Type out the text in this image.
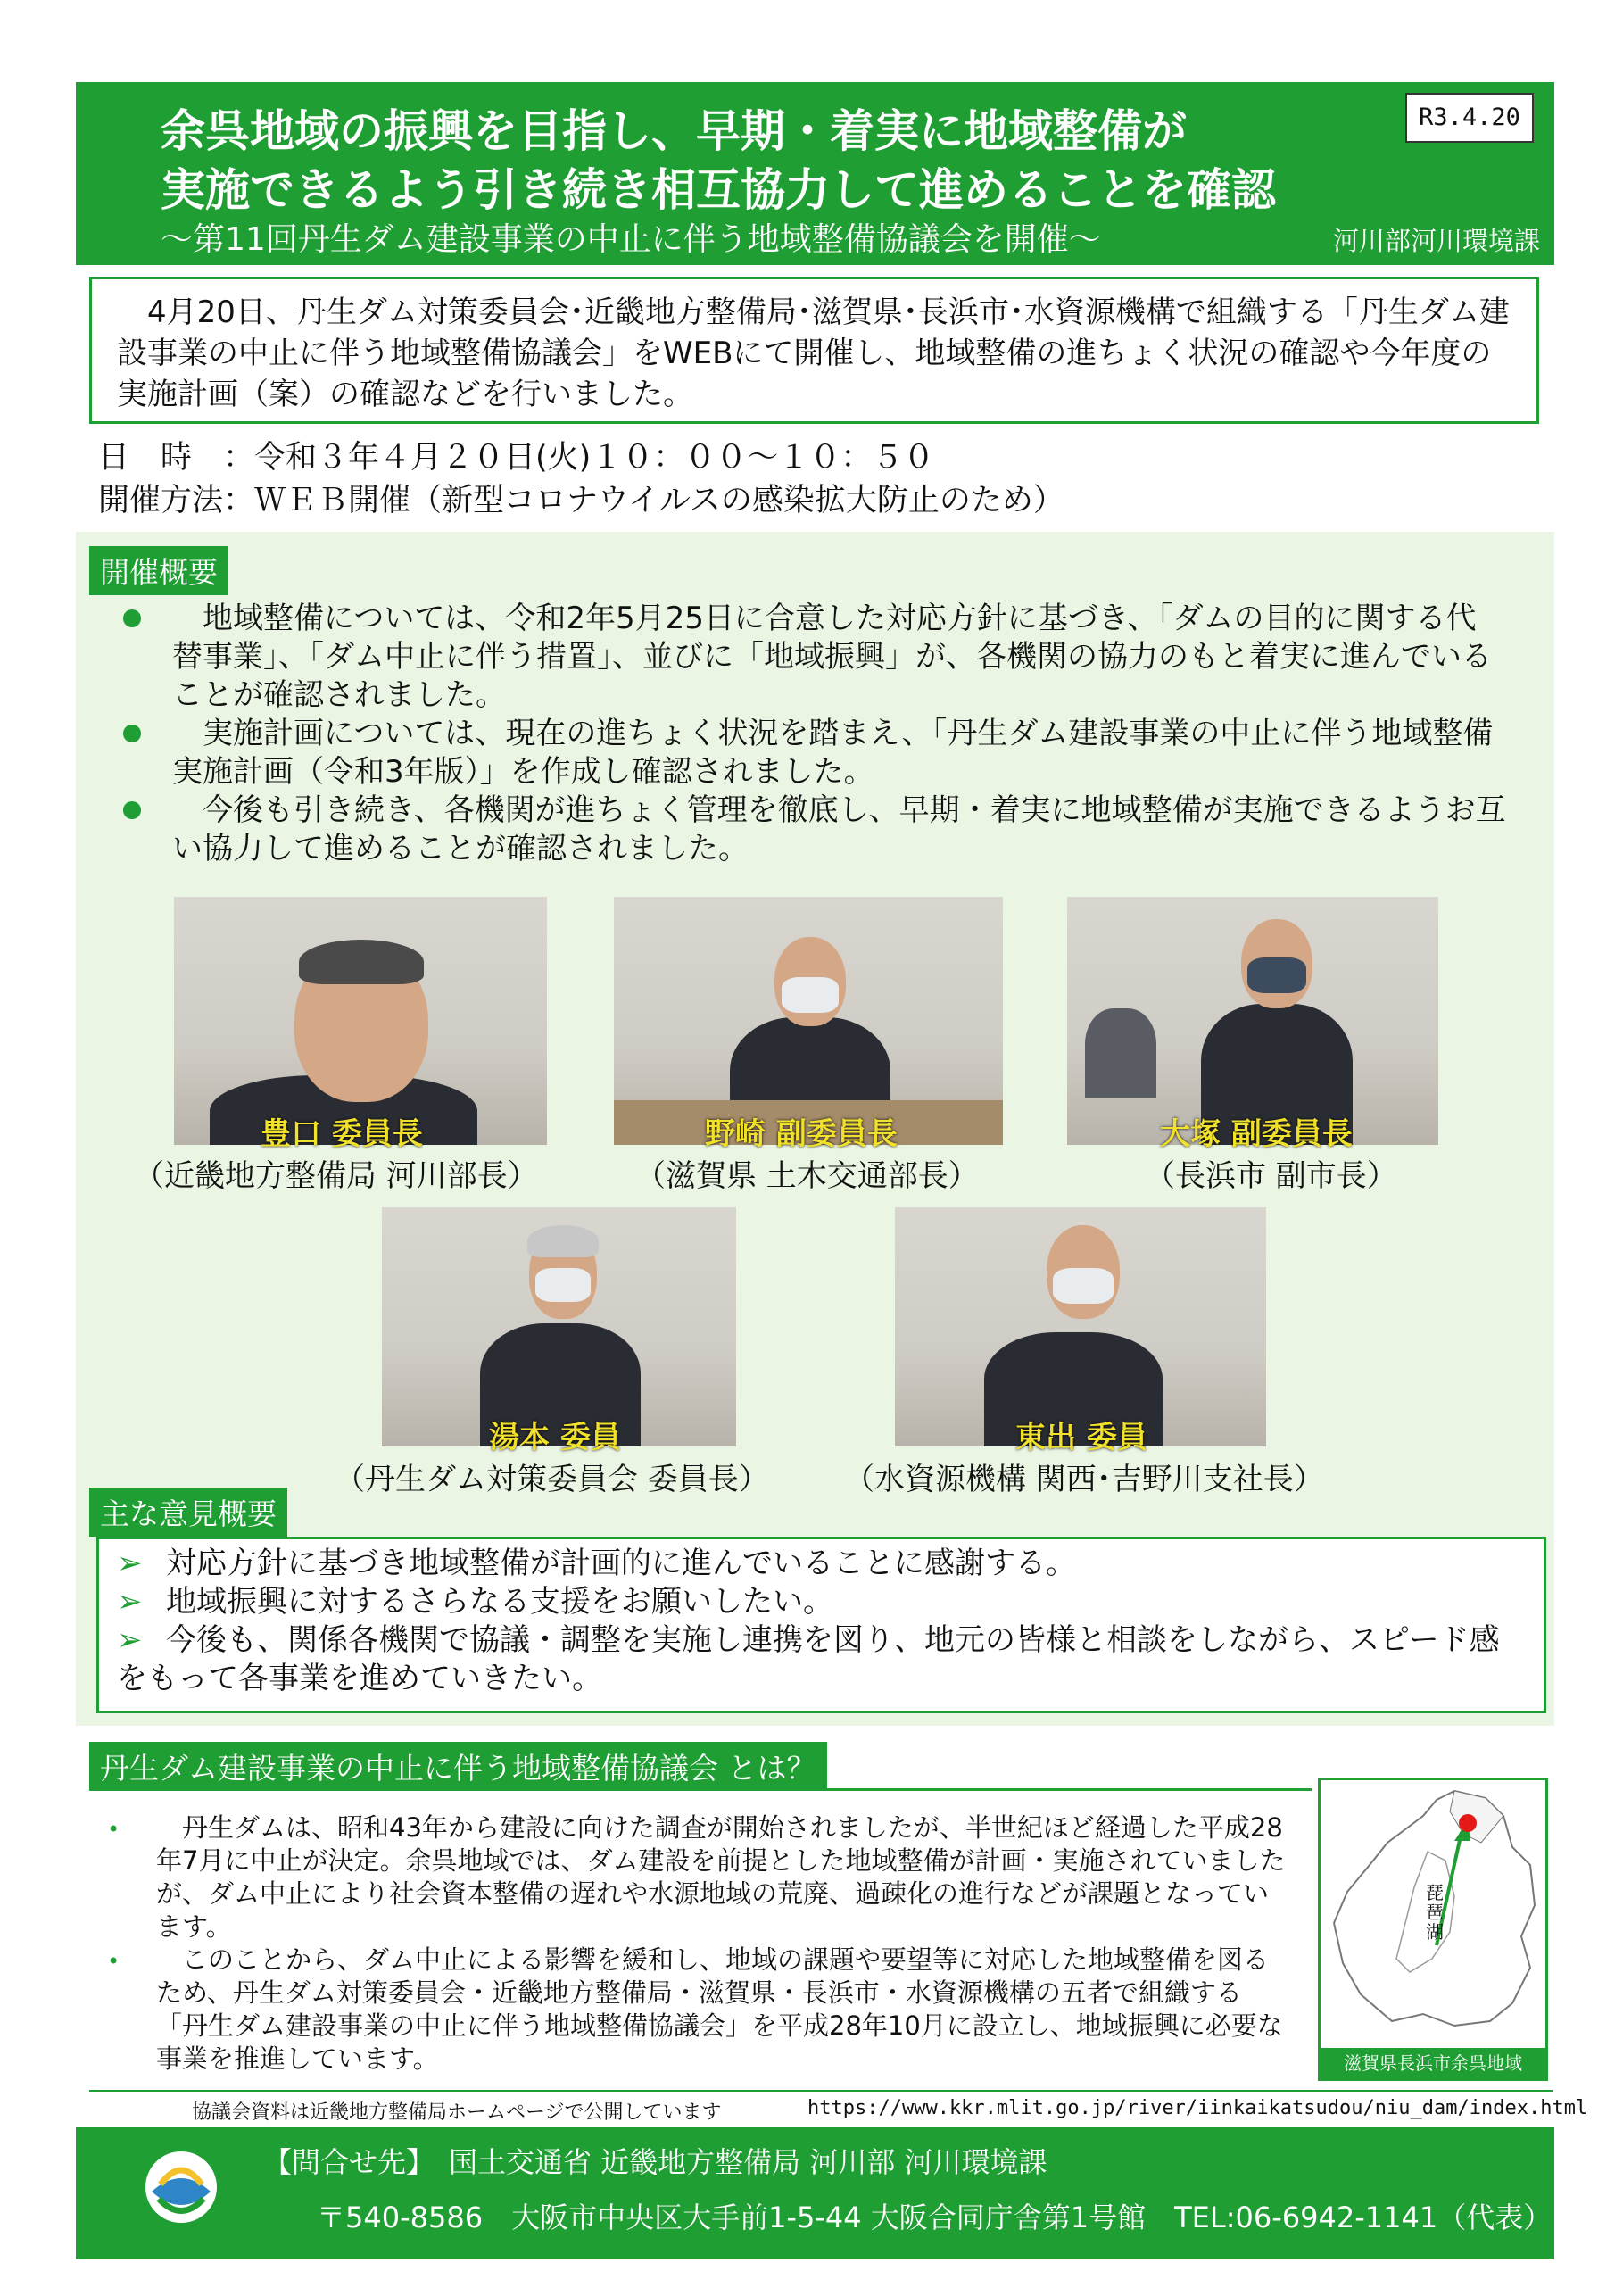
余呉地域の振興を目指し、早期・着実に地域整備が
実施できるよう引き続き相互協力して進めることを確認
～第11回丹生ダム建設事業の中止に伴う地域整備協議会を開催～	河川部河川環境課
R3.4.20
　4月20日、丹生ダム対策委員会･近畿地方整備局･滋賀県･長浜市･水資源機構で組織する「丹生ダム建設事業の中止に伴う地域整備協議会」をWEBにて開催し、地域整備の進ちょく状況の確認や今年度の実施計画（案）の確認などを行いました。
日　時　：令和３年４月２０日(火)１０：００～１０：５０
開催方法：ＷＥＢ開催（新型コロナウイルスの感染拡大防止のため）
開催概要
　地域整備については、令和2年5月25日に合意した対応方針に基づき、「ダムの目的に関する代替事業」、「ダム中止に伴う措置」、並びに「地域振興」が、各機関の協力のもと着実に進んでいることが確認されました。
　実施計画については、現在の進ちょく状況を踏まえ、「丹生ダム建設事業の中止に伴う地域整備実施計画（令和3年版）」を作成し確認されました。
　今後も引き続き、各機関が進ちょく管理を徹底し、早期・着実に地域整備が実施できるようお互い協力して進めることが確認されました。
豊口 委員長
（近畿地方整備局 河川部長）
野崎 副委員長
（滋賀県 土木交通部長）
大塚 副委員長
（長浜市 副市長）
湯本 委員
（丹生ダム対策委員会 委員長）
東出 委員
（水資源機構 関西･吉野川支社長）
主な意見概要
➢ 対応方針に基づき地域整備が計画的に進んでいることに感謝する。
➢ 地域振興に対するさらなる支援をお願いしたい。
➢ 今後も、関係各機関で協議・調整を実施し連携を図り、地元の皆様と相談をしながら、スピード感をもって各事業を進めていきたい。
丹生ダム建設事業の中止に伴う地域整備協議会 とは？
• 　丹生ダムは、昭和43年から建設に向けた調査が開始されましたが、半世紀ほど経過した平成28年7月に中止が決定。余呉地域では、ダム建設を前提とした地域整備が計画・実施されていましたが、ダム中止により社会資本整備の遅れや水源地域の荒廃、過疎化の進行などが課題となっています。
• 　このことから、ダム中止による影響を緩和し、地域の課題や要望等に対応した地域整備を図るため、丹生ダム対策委員会・近畿地方整備局・滋賀県・長浜市・水資源機構の五者で組織する「丹生ダム建設事業の中止に伴う地域整備協議会」を平成28年10月に設立し、地域振興に必要な事業を推進しています。
琵琶湖
滋賀県長浜市余呉地域
協議会資料は近畿地方整備局ホームページで公開しています	https://www.kkr.mlit.go.jp/river/iinkaikatsudou/niu_dam/index.html
【問合せ先】　国土交通省 近畿地方整備局 河川部 河川環境課
〒540-8586　大阪市中央区大手前1-5-44 大阪合同庁舎第1号館　TEL:06-6942-1141（代表）
